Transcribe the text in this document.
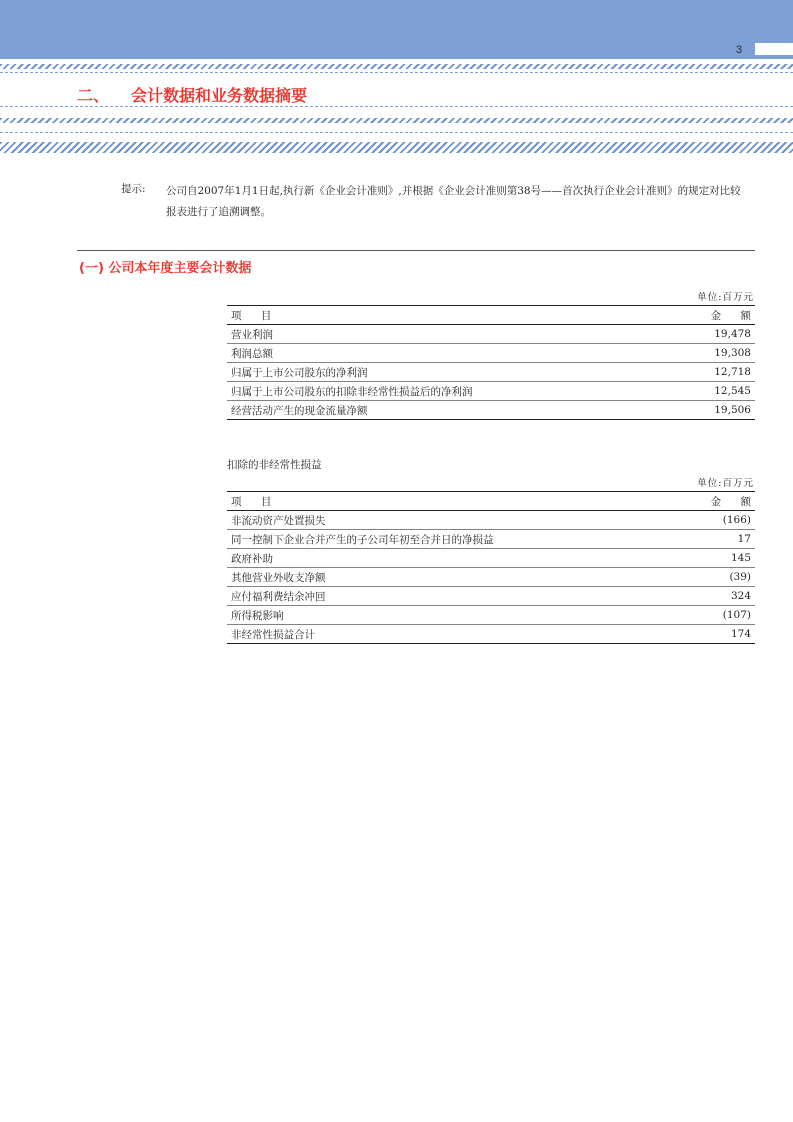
3
二、 会计数据和业务数据摘要
提示: 公司自2007年1月1日起,执行新《企业会计准则》,并根据《企业会计准则第38号——首次执行企业会计准则》的规定对比较报表进行了追溯调整。
(一) 公司本年度主要会计数据
单位:百万元
项 目	金 额
营业利润	19,478
利润总额	19,308
归属于上市公司股东的净利润	12,718
归属于上市公司股东的扣除非经常性损益后的净利润	12,545
经营活动产生的现金流量净额	19,506
扣除的非经常性损益
单位:百万元
项 目	金 额
非流动资产处置损失	(166)
同一控制下企业合并产生的子公司年初至合并日的净损益	17
政府补助	145
其他营业外收支净额	(39)
应付福利费结余冲回	324
所得税影响	(107)
非经常性损益合计	174
